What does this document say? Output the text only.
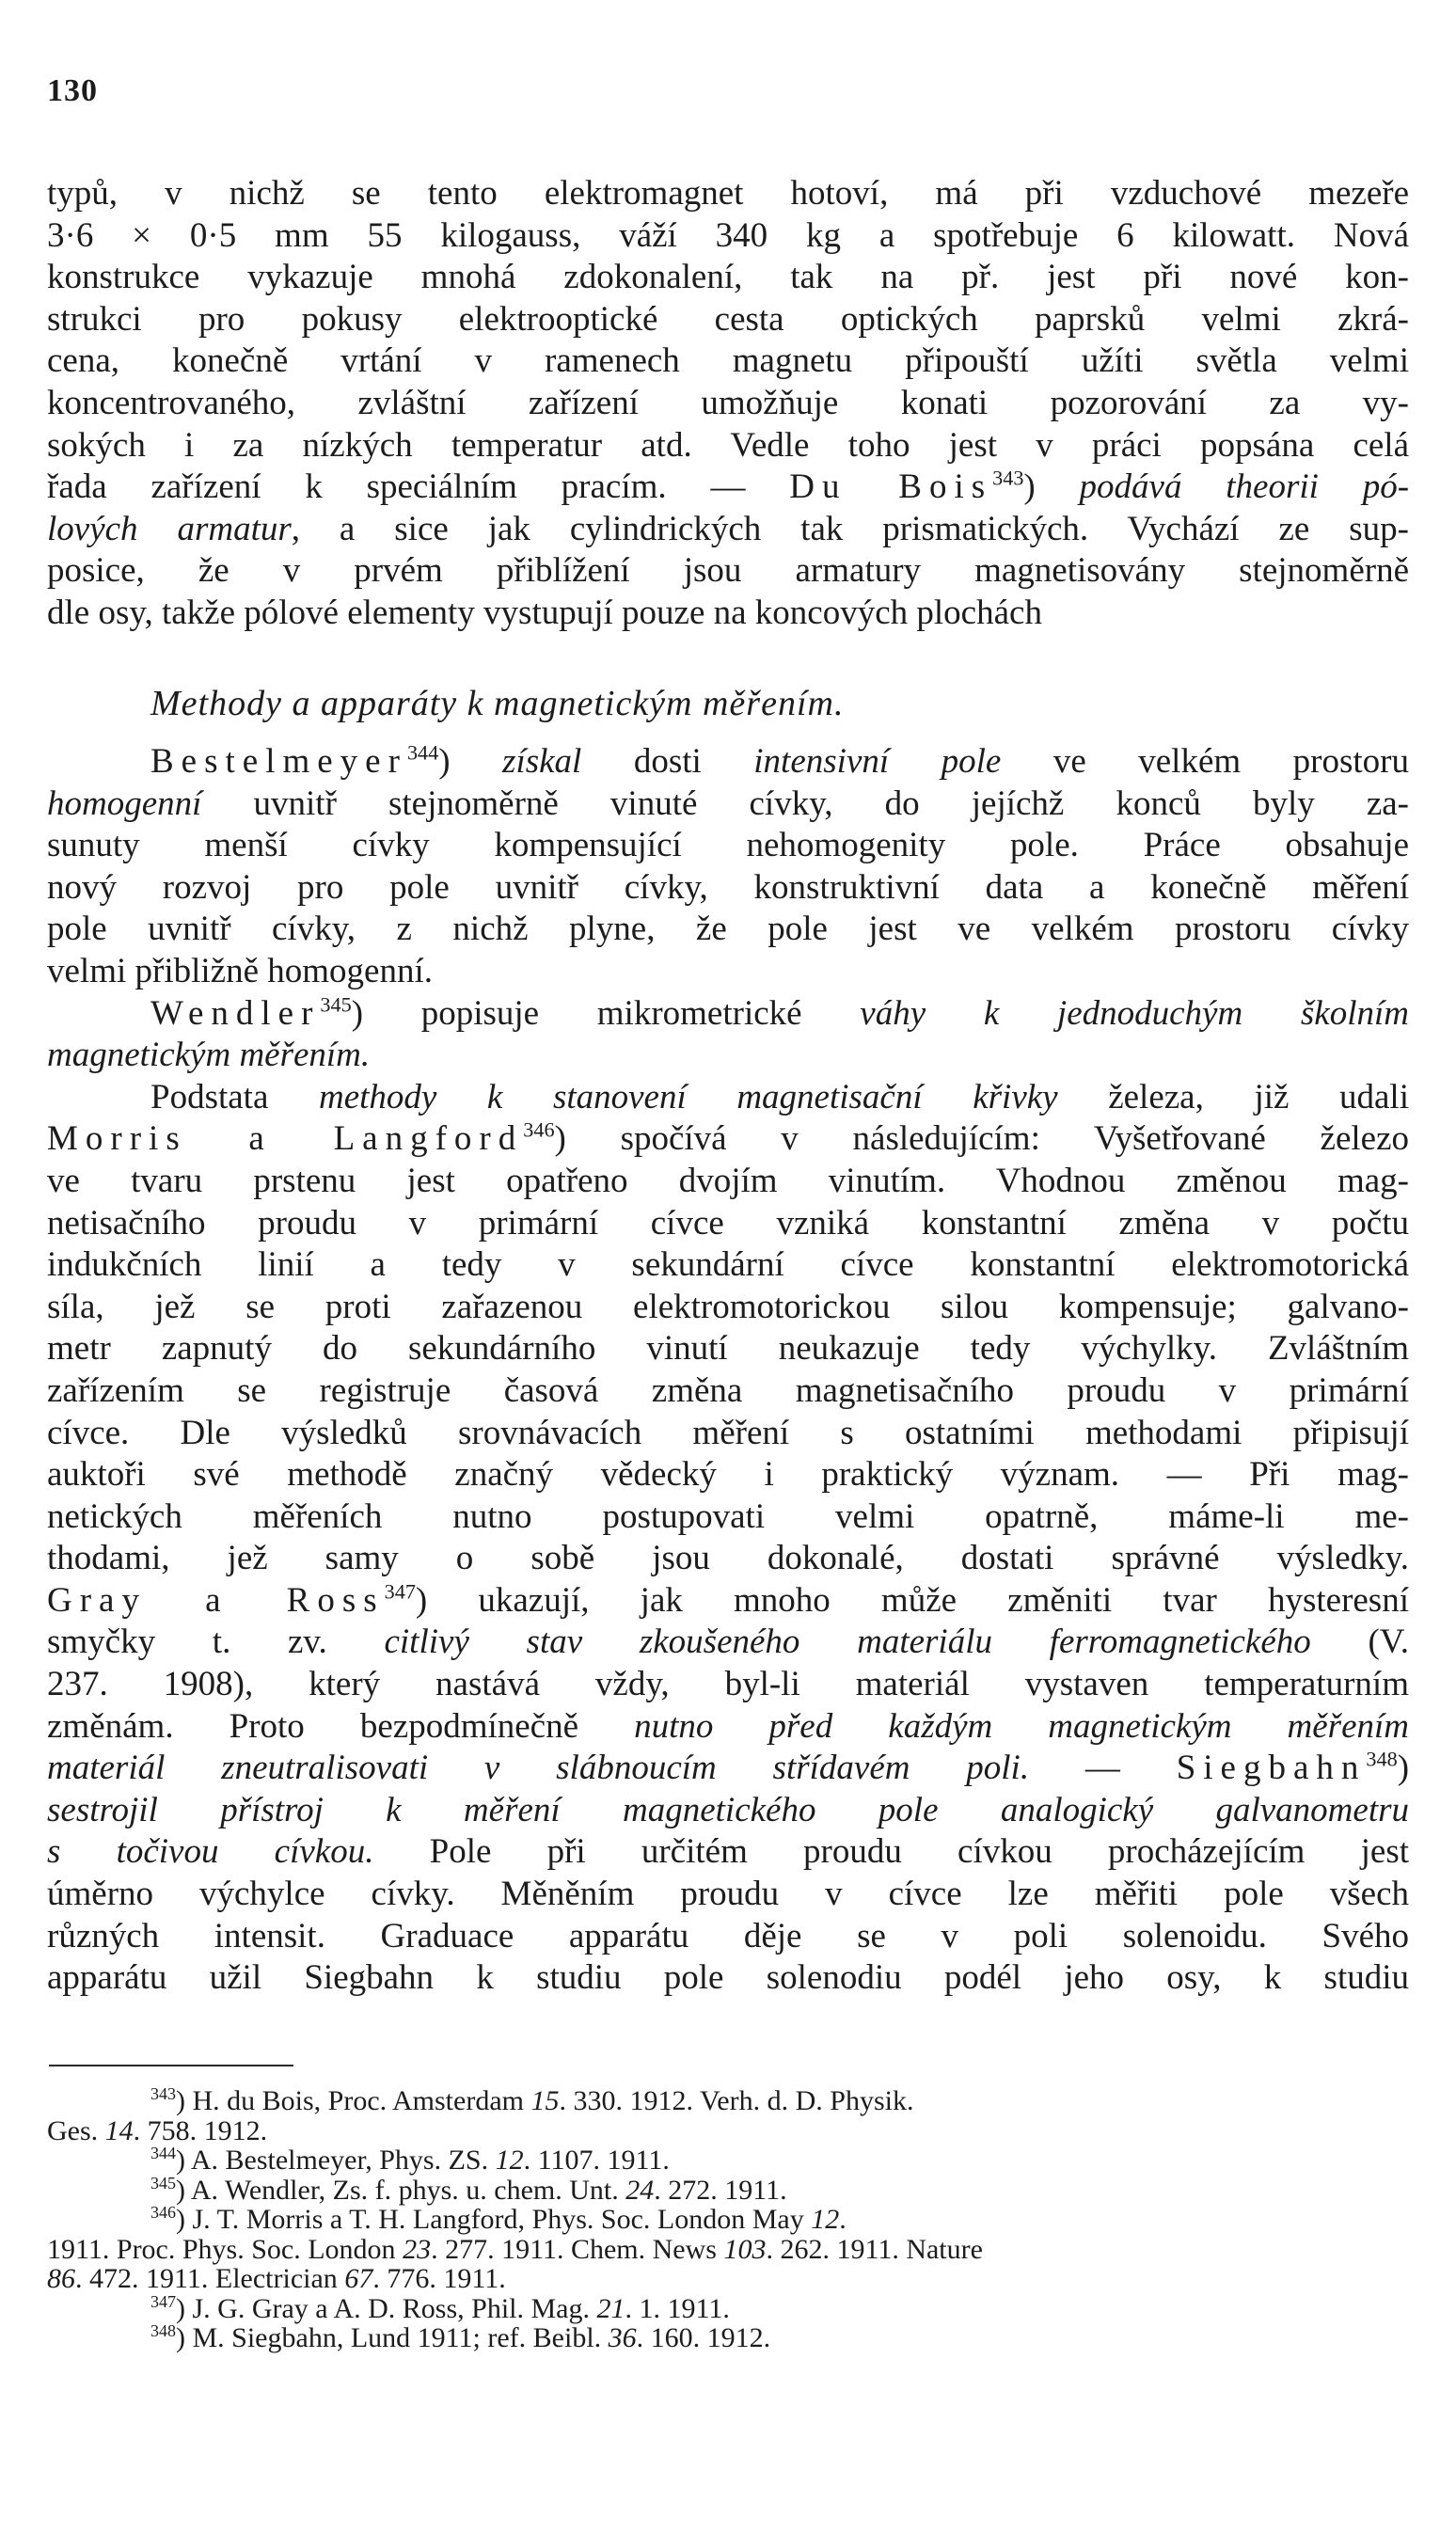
130

typů, v nichž se tento elektromagnet hotoví, má při vzduchové mezeře

3·6 × 0·5 mm 55 kilogauss, váží 340 kg a spotřebuje 6 kilowatt. Nová

konstrukce vykazuje mnohá zdokonalení, tak na př. jest při nové kon-

strukci pro pokusy elektrooptické cesta optických paprsků velmi zkrá-

cena, konečně vrtání v ramenech magnetu připouští užíti světla velmi

koncentrovaného, zvláštní zařízení umožňuje konati pozorování za vy-

sokých i za nízkých temperatur atd. Vedle toho jest v práci popsána celá

řada zařízení k speciálním pracím. — Du Bois$^{343}$) podává theorii pó-

lových armatur, a sice jak cylindrických tak prismatických. Vychází ze sup-

posice, že v prvém přiblížení jsou armatury magnetisovány stejnoměrně

dle osy, takže pólové elementy vystupují pouze na koncových plochách

Bestelmeyer$^{344}$) získal dosti intensivní pole ve velkém prostoru

homogenní uvnitř stejnoměrně vinuté cívky, do jejíchž konců byly za-

sunuty menší cívky kompensující nehomogenity pole. Práce obsahuje

nový rozvoj pro pole uvnitř cívky, konstruktivní data a konečně měření

pole uvnitř cívky, z nichž plyne, že pole jest ve velkém prostoru cívky

velmi přibližně homogenní.

Wendler$^{345}$) popisuje mikrometrické váhy k jednoduchým školním

magnetickým měřením.

Podstata methody k stanovení magnetisační křivky železa, již udali

Morris a Langford$^{346}$) spočívá v následujícím: Vyšetřované železo

ve tvaru prstenu jest opatřeno dvojím vinutím. Vhodnou změnou mag-

netisačního proudu v primární cívce vzniká konstantní změna v počtu

indukčních linií a tedy v sekundární cívce konstantní elektromotorická

síla, jež se proti zařazenou elektromotorickou silou kompensuje; galvano-

metr zapnutý do sekundárního vinutí neukazuje tedy výchylky. Zvláštním

zařízením se registruje časová změna magnetisačního proudu v primární

cívce. Dle výsledků srovnávacích měření s ostatními methodami připisují

auktoři své methodě značný vědecký i praktický význam. — Při mag-

netických měřeních nutno postupovati velmi opatrně, máme-li me-

thodami, jež samy o sobě jsou dokonalé, dostati správné výsledky.

Gray a Ross$^{347}$) ukazují, jak mnoho může změniti tvar hysteresní

smyčky t. zv. citlivý stav zkoušeného materiálu ferromagnetického (V.

237. 1908), který nastává vždy, byl-li materiál vystaven temperaturním

změnám. Proto bezpodmínečně nutno před každým magnetickým měřením

materiál zneutralisovati v slábnoucím střídavém poli. — Siegbahn$^{348}$)

sestrojil přístroj k měření magnetického pole analogický galvanometru

s točivou cívkou. Pole při určitém proudu cívkou procházejícím jest

úměrno výchylce cívky. Měněním proudu v cívce lze měřiti pole všech

různých intensit. Graduace apparátu děje se v poli solenoidu. Svého

apparátu užil Siegbahn k studiu pole solenodiu podél jeho osy, k studiu

Methody a apparáty k magnetickým měřením.

$^{343}$) H. du Bois, Proc. Amsterdam 15. 330. 1912. Verh. d. D. Physik.

Ges. 14. 758. 1912.

$^{344}$) A. Bestelmeyer, Phys. ZS. 12. 1107. 1911.

$^{345}$) A. Wendler, Zs. f. phys. u. chem. Unt. 24. 272. 1911.

$^{346}$) J. T. Morris a T. H. Langford, Phys. Soc. London May 12.

1911. Proc. Phys. Soc. London 23. 277. 1911. Chem. News 103. 262. 1911. Nature

86. 472. 1911. Electrician 67. 776. 1911.

$^{347}$) J. G. Gray a A. D. Ross, Phil. Mag. 21. 1. 1911.

$^{348}$) M. Siegbahn, Lund 1911; ref. Beibl. 36. 160. 1912.
